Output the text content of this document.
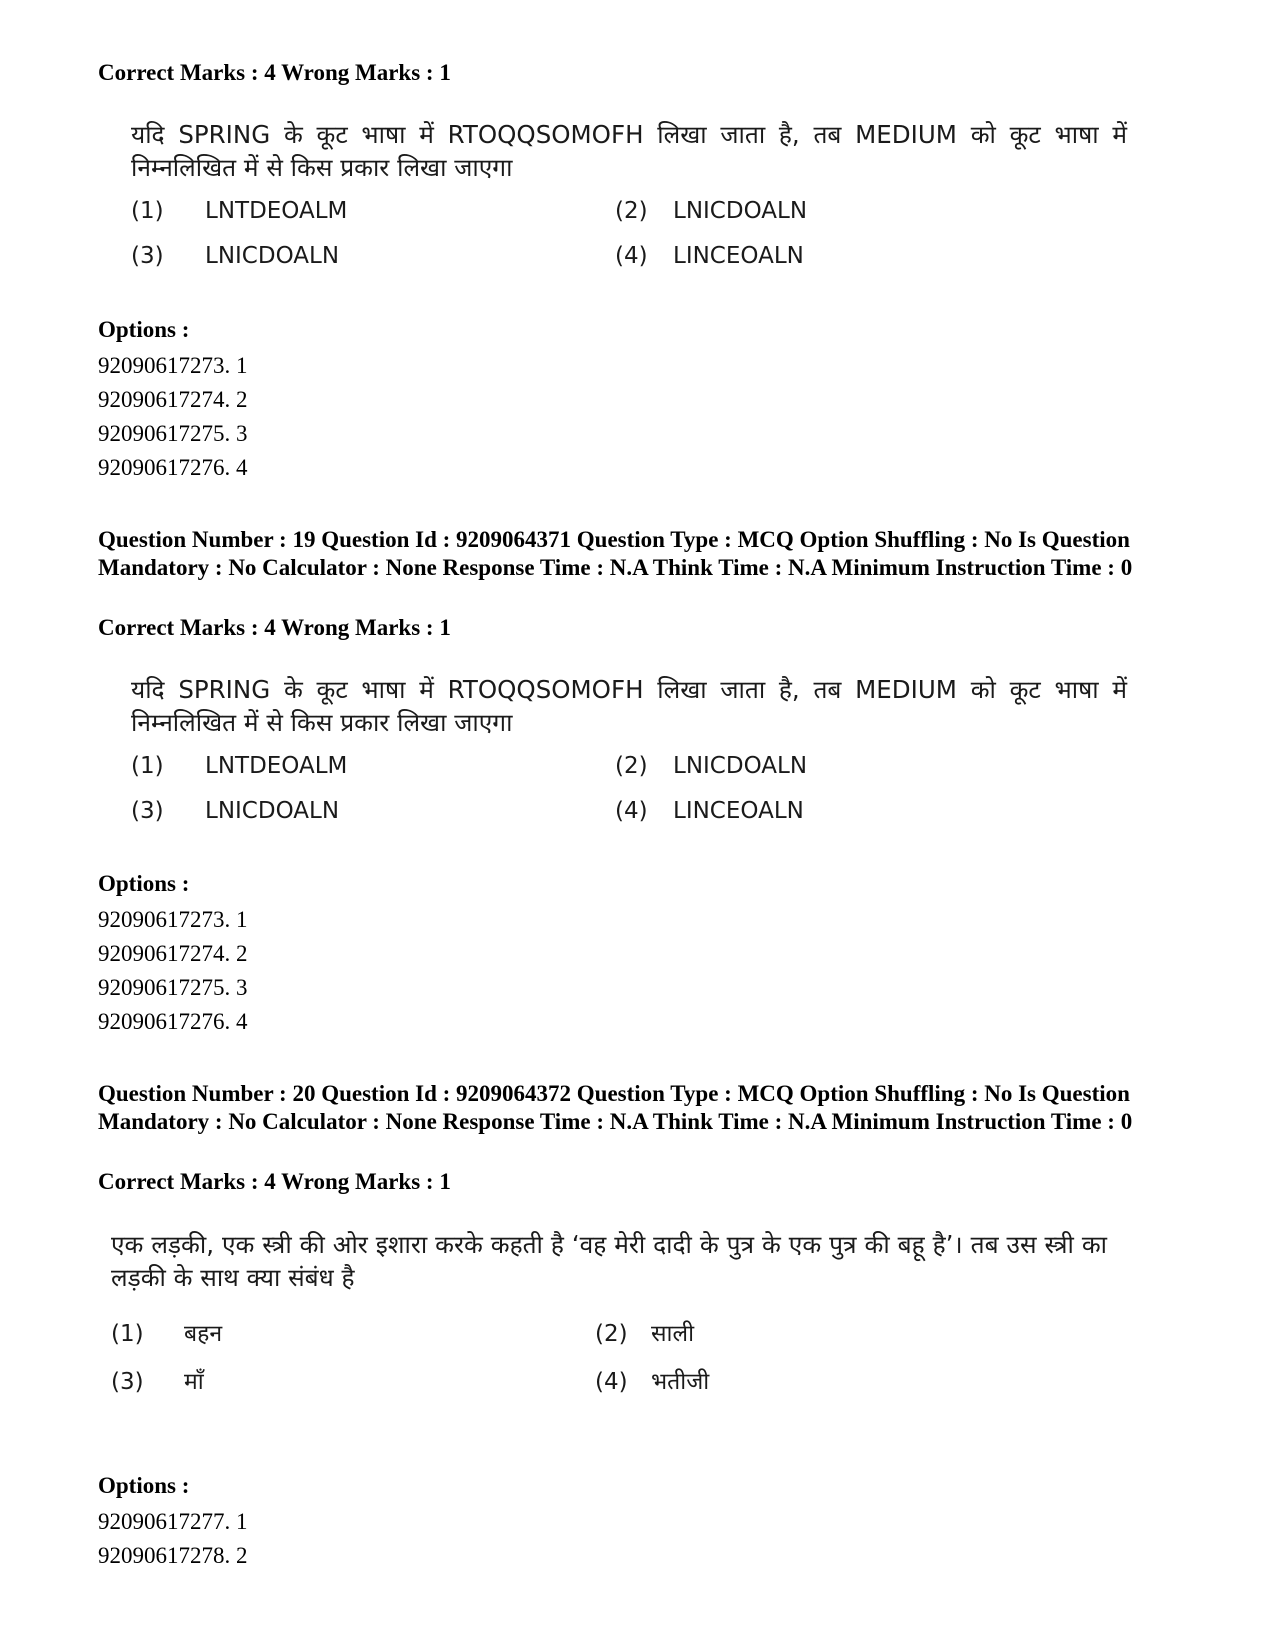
Correct Marks : 4 Wrong Marks : 1
यदि SPRING के कूट भाषा में RTOQQSOMOFH लिखा जाता है, तब MEDIUM को कूट भाषा में निम्नलिखित में से किस प्रकार लिखा जाएगा
(1) LNTDEOALM	(2) LNICDOALN
(3) LNICDOALN	(4) LINCEOALN
Options :
92090617273. 1
92090617274. 2
92090617275. 3
92090617276. 4
Question Number : 19 Question Id : 9209064371 Question Type : MCQ Option Shuffling : No Is Question Mandatory : No Calculator : None Response Time : N.A Think Time : N.A Minimum Instruction Time : 0
Correct Marks : 4 Wrong Marks : 1
यदि SPRING के कूट भाषा में RTOQQSOMOFH लिखा जाता है, तब MEDIUM को कूट भाषा में निम्नलिखित में से किस प्रकार लिखा जाएगा
(1) LNTDEOALM	(2) LNICDOALN
(3) LNICDOALN	(4) LINCEOALN
Options :
92090617273. 1
92090617274. 2
92090617275. 3
92090617276. 4
Question Number : 20 Question Id : 9209064372 Question Type : MCQ Option Shuffling : No Is Question Mandatory : No Calculator : None Response Time : N.A Think Time : N.A Minimum Instruction Time : 0
Correct Marks : 4 Wrong Marks : 1
एक लड़की, एक स्त्री की ओर इशारा करके कहती है ‘वह मेरी दादी के पुत्र के एक पुत्र की बहू है’। तब उस स्त्री का लड़की के साथ क्या संबंध है
(1) बहन	(2) साली
(3) माँ	(4) भतीजी
Options :
92090617277. 1
92090617278. 2
